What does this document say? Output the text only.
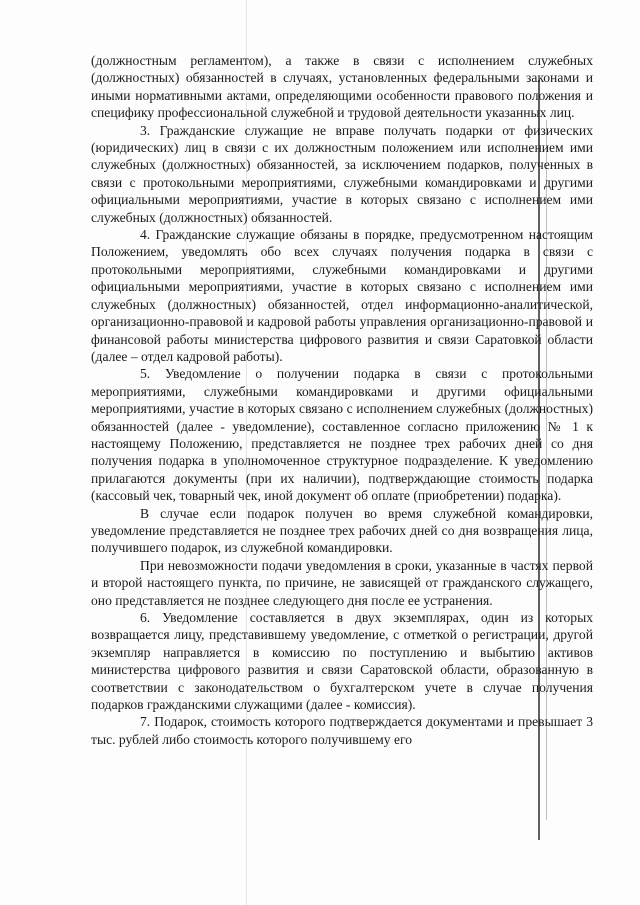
(должностным регламентом), а также в связи с исполнением служебных (должностных) обязанностей в случаях, установленных федеральными законами и иными нормативными актами, определяющими особенности правового положения и специфику профессиональной служебной и трудовой деятельности указанных лиц.

3. Гражданские служащие не вправе получать подарки от физических (юридических) лиц в связи с их должностным положением или исполнением ими служебных (должностных) обязанностей, за исключением подарков, полученных в связи с протокольными мероприятиями, служебными командировками и другими официальными мероприятиями, участие в которых связано с исполнением ими служебных (должностных) обязанностей.

4. Гражданские служащие обязаны в порядке, предусмотренном настоящим Положением, уведомлять обо всех случаях получения подарка в связи с протокольными мероприятиями, служебными командировками и другими официальными мероприятиями, участие в которых связано с исполнением ими служебных (должностных) обязанностей, отдел информационно-аналитической, организационно-правовой и кадровой работы управления организационно-правовой и финансовой работы министерства цифрового развития и связи Саратовкой области (далее – отдел кадровой работы).

5. Уведомление о получении подарка в связи с протокольными мероприятиями, служебными командировками и другими официальными мероприятиями, участие в которых связано с исполнением служебных (должностных) обязанностей (далее - уведомление), составленное согласно приложению № 1 к настоящему Положению, представляется не позднее трех рабочих дней со дня получения подарка в уполномоченное структурное подразделение. К уведомлению прилагаются документы (при их наличии), подтверждающие стоимость подарка (кассовый чек, товарный чек, иной документ об оплате (приобретении) подарка).

В случае если подарок получен во время служебной командировки, уведомление представляется не позднее трех рабочих дней со дня возвращения лица, получившего подарок, из служебной командировки.

При невозможности подачи уведомления в сроки, указанные в частях первой и второй настоящего пункта, по причине, не зависящей от гражданского служащего, оно представляется не позднее следующего дня после ее устранения.

6. Уведомление составляется в двух экземплярах, один из которых возвращается лицу, представившему уведомление, с отметкой о регистрации, другой экземпляр направляется в комиссию по поступлению и выбытию активов министерства цифрового развития и связи Саратовской области, образованную в соответствии с законодательством о бухгалтерском учете в случае получения подарков гражданскими служащими (далее - комиссия).

7. Подарок, стоимость которого подтверждается документами и превышает 3 тыс. рублей либо стоимость которого получившему его
